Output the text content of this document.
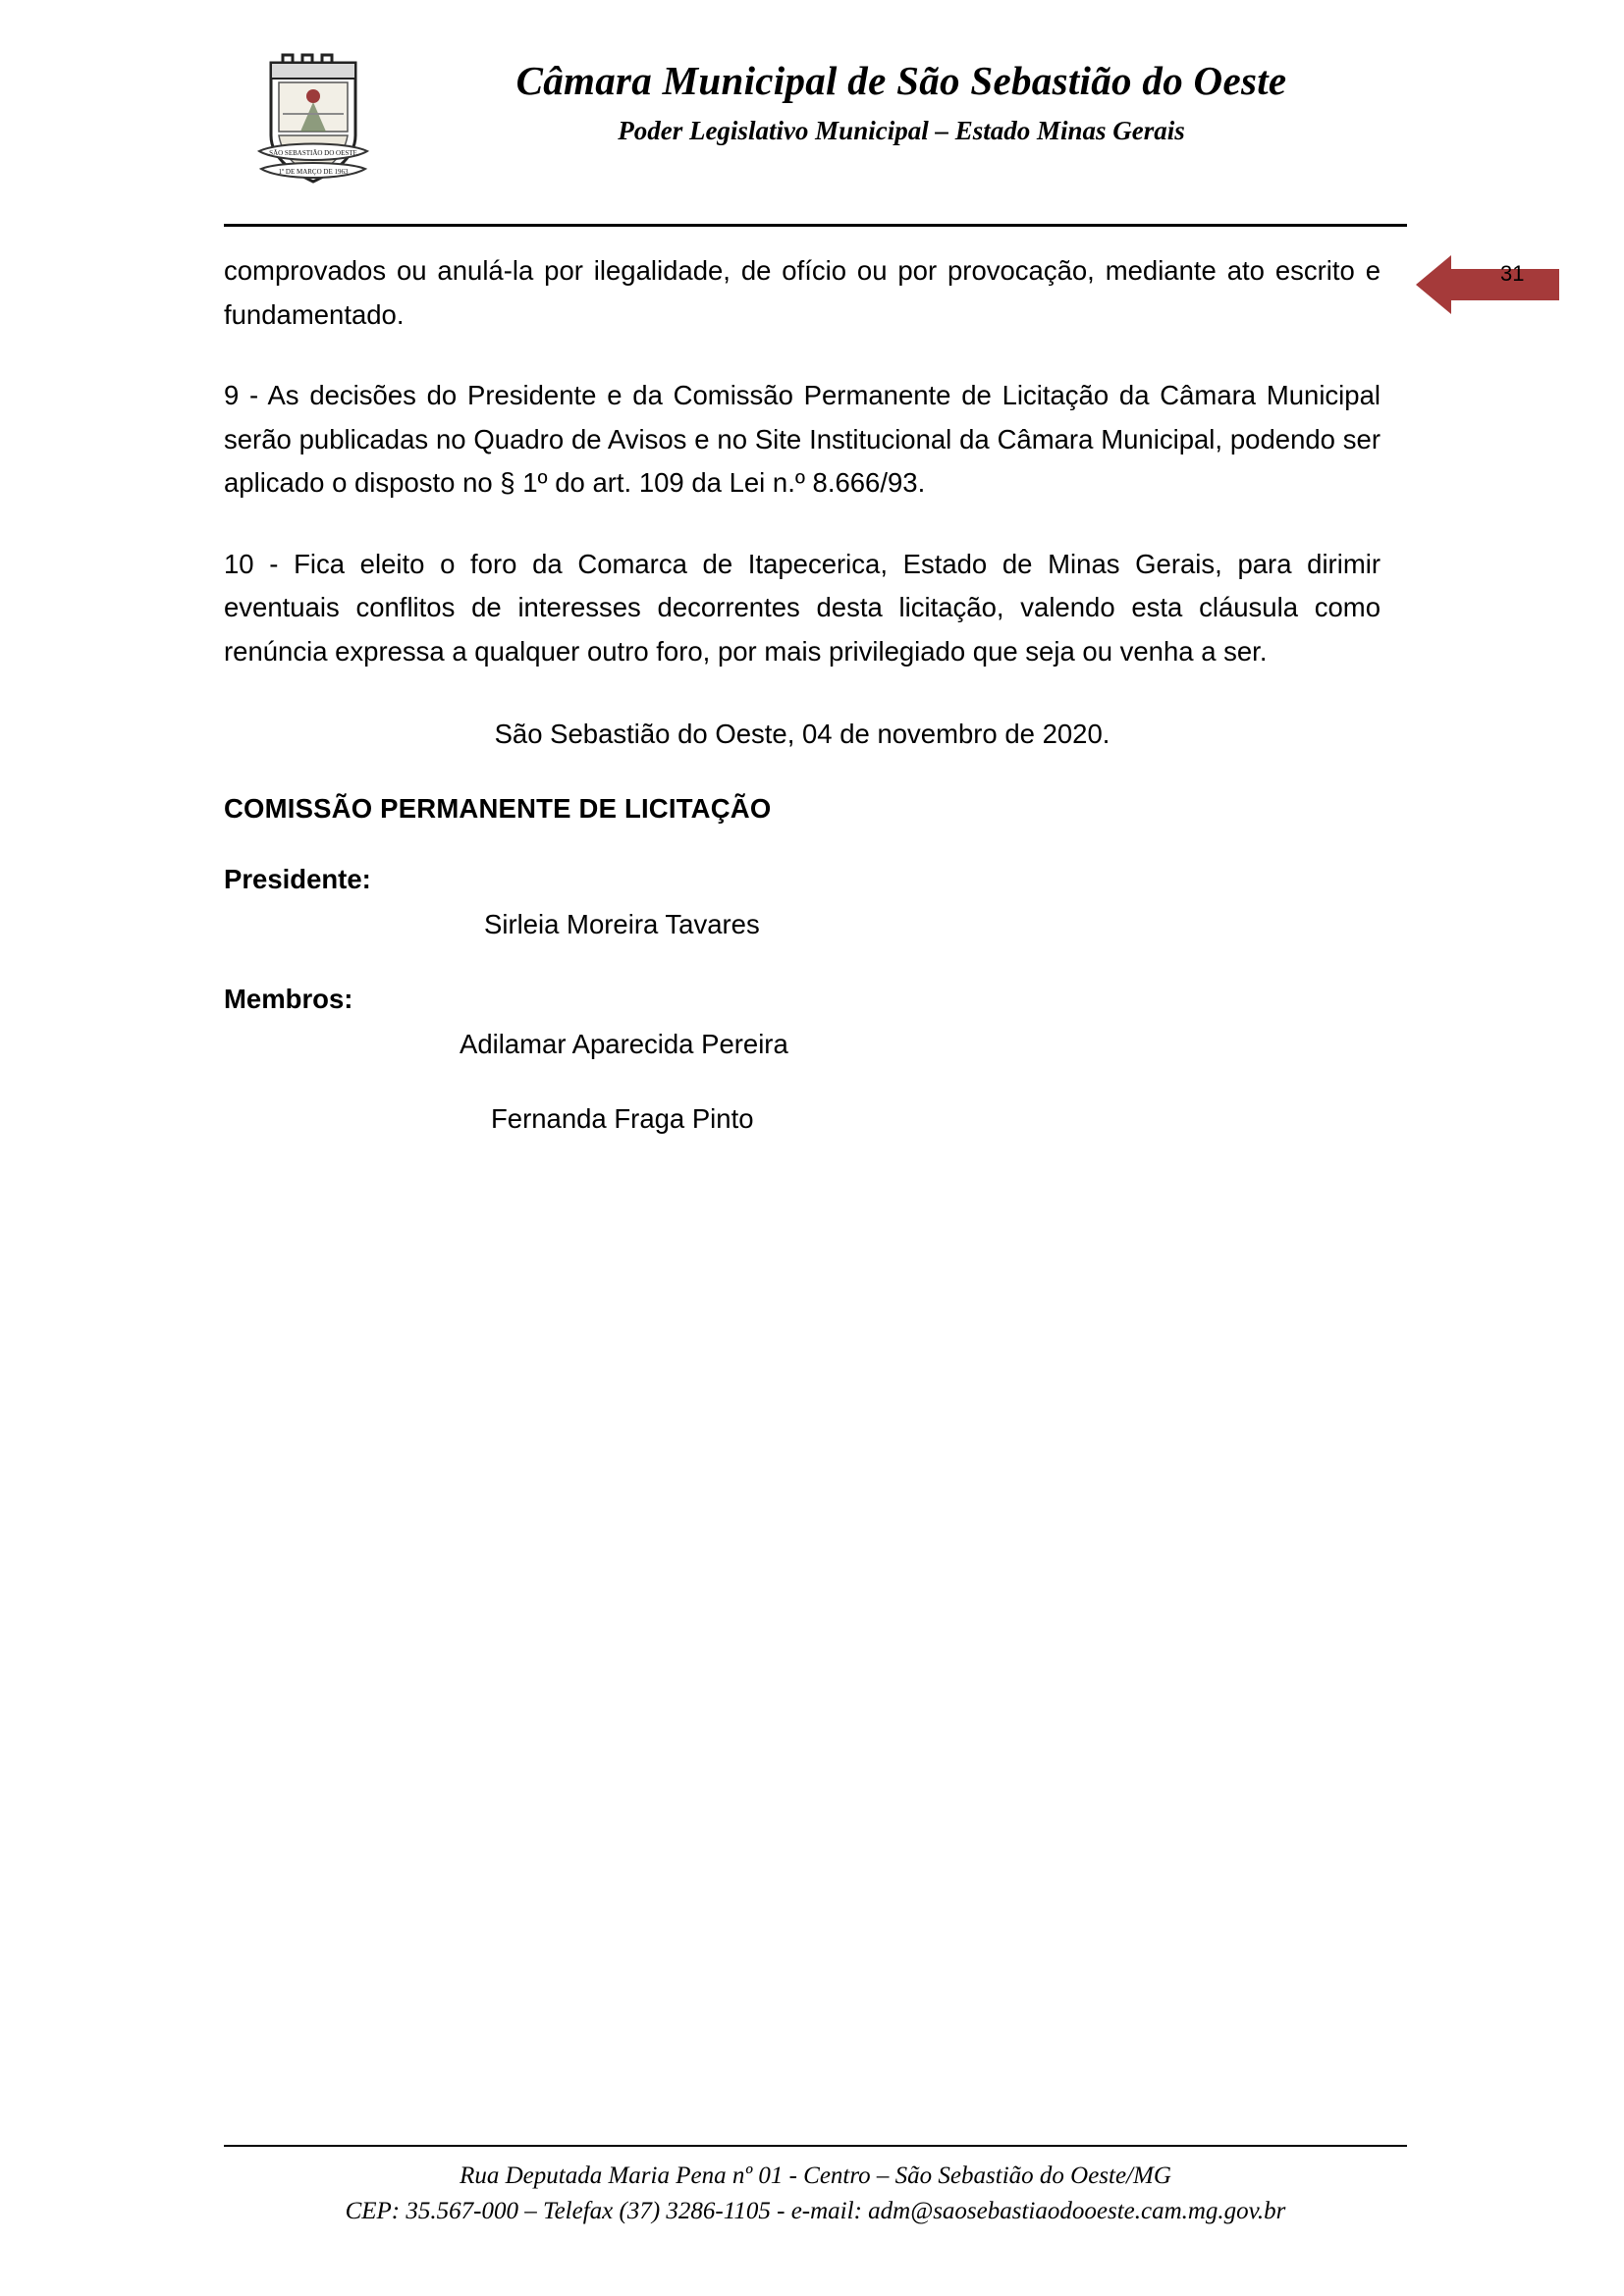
SÃO SEBASTIÃO DO OESTE
1º DE MARÇO DE 1963
Câmara Municipal de São Sebastião do Oeste
Poder Legislativo Municipal – Estado Minas Gerais
31

comprovados ou anulá-la por ilegalidade, de ofício ou por provocação, mediante ato escrito e fundamentado.

9 - As decisões do Presidente e da Comissão Permanente de Licitação da Câmara Municipal serão publicadas no Quadro de Avisos e no Site Institucional da Câmara Municipal, podendo ser aplicado o disposto no § 1º do art. 109 da Lei n.º 8.666/93.

10 - Fica eleito o foro da Comarca de Itapecerica, Estado de Minas Gerais, para dirimir eventuais conflitos de interesses decorrentes desta licitação, valendo esta cláusula como renúncia expressa a qualquer outro foro, por mais privilegiado que seja ou venha a ser.

São Sebastião do Oeste, 04 de novembro de 2020.

COMISSÃO PERMANENTE DE LICITAÇÃO

Presidente:

Sirleia Moreira Tavares

Membros:

Adilamar Aparecida Pereira

Fernanda Fraga Pinto

Rua Deputada Maria Pena nº 01 - Centro – São Sebastião do Oeste/MG
CEP: 35.567-000 – Telefax (37) 3286-1105 - e-mail: adm@saosebastiaodooeste.cam.mg.gov.br
